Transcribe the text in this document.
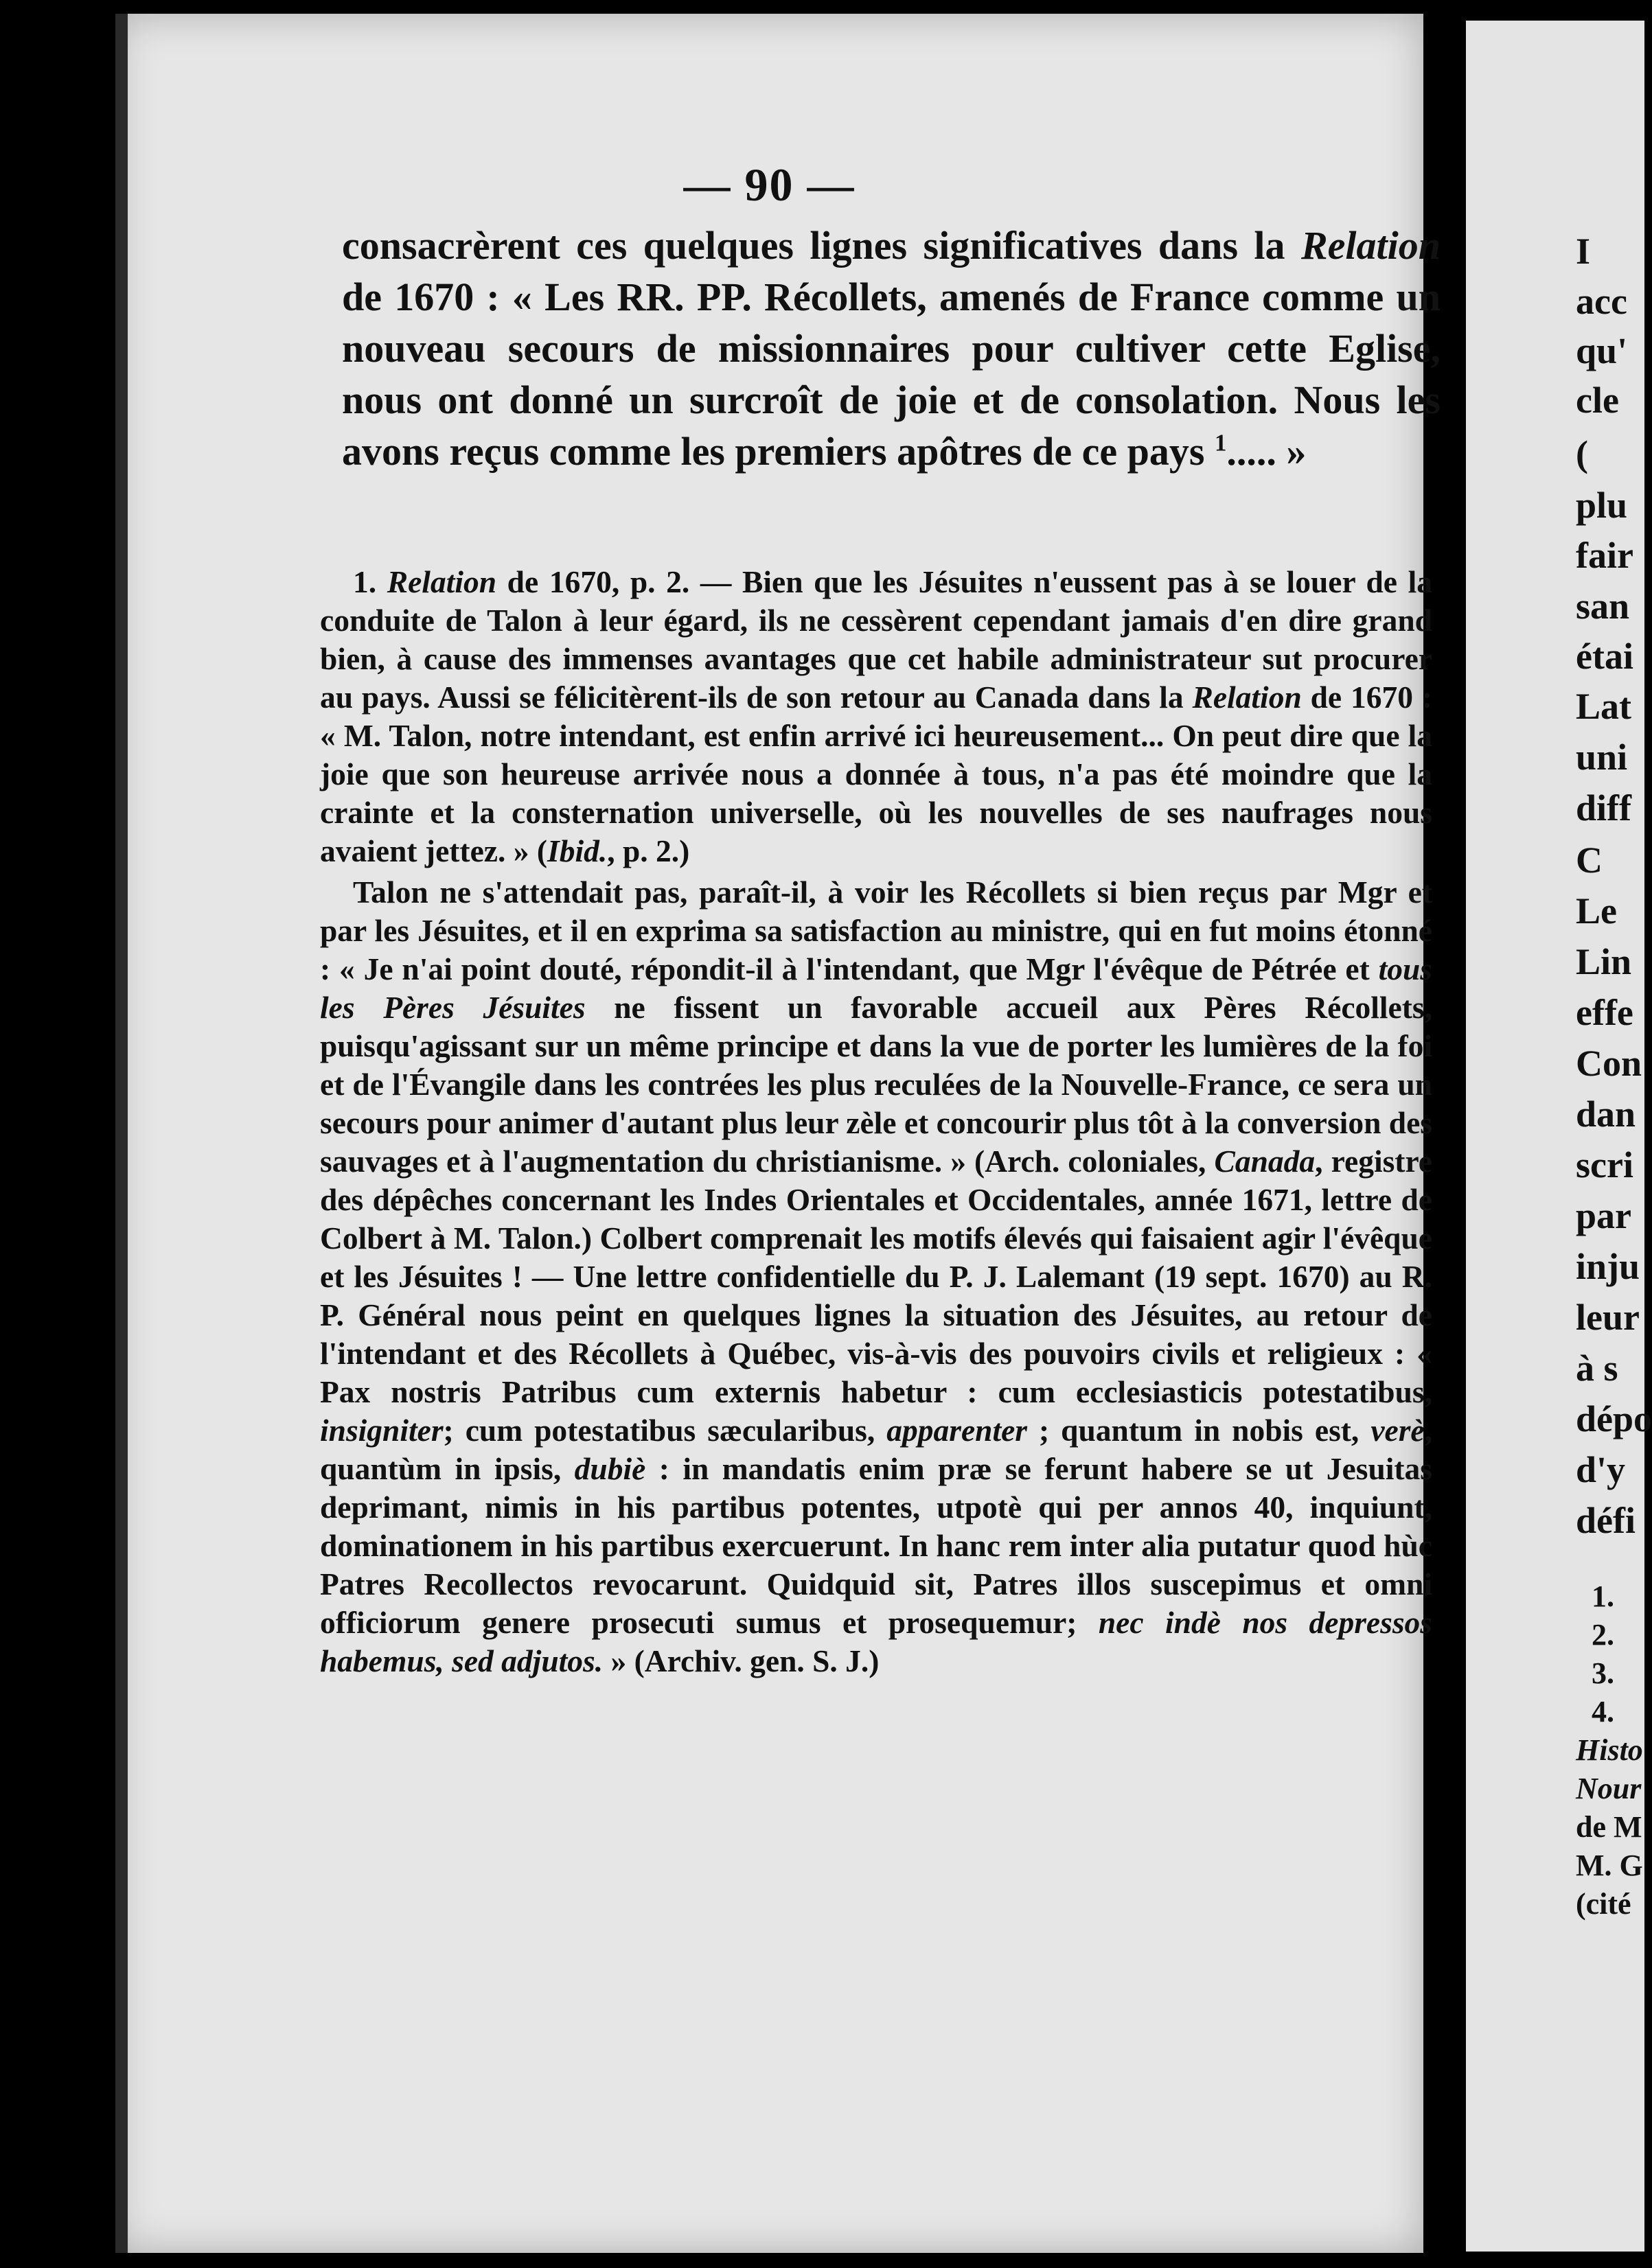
— 90 —

consacrèrent ces quelques lignes significatives dans la Relation de 1670 : « Les RR. PP. Récollets, amenés de France comme un nouveau secours de missionnaires pour cultiver cette Eglise, nous ont donné un surcroît de joie et de consolation. Nous les avons reçus comme les premiers apôtres de ce pays $^1$..... »

1. Relation de 1670, p. 2. — Bien que les Jésuites n'eussent pas à se louer de la conduite de Talon à leur égard, ils ne cessèrent cependant jamais d'en dire grand bien, à cause des immenses avantages que cet habile administrateur sut procurer au pays. Aussi se félicitèrent-ils de son retour au Canada dans la Relation de 1670 : « M. Talon, notre intendant, est enfin arrivé ici heureusement... On peut dire que la joie que son heureuse arrivée nous a donnée à tous, n'a pas été moindre que la crainte et la consternation universelle, où les nouvelles de ses naufrages nous avaient jettez. » (Ibid., p. 2.)

Talon ne s'attendait pas, paraît-il, à voir les Récollets si bien reçus par Mgr et par les Jésuites, et il en exprima sa satisfaction au ministre, qui en fut moins étonné : « Je n'ai point douté, répondit-il à l'intendant, que Mgr l'évêque de Pétrée et tous les Pères Jésuites ne fissent un favorable accueil aux Pères Récollets, puisqu'agissant sur un même principe et dans la vue de porter les lumières de la foi et de l'Évangile dans les contrées les plus reculées de la Nouvelle-France, ce sera un secours pour animer d'autant plus leur zèle et concourir plus tôt à la conversion des sauvages et à l'augmentation du christianisme. » (Arch. coloniales, Canada, registre des dépêches concernant les Indes Orientales et Occidentales, année 1671, lettre de Colbert à M. Talon.) Colbert comprenait les motifs élevés qui faisaient agir l'évêque et les Jésuites ! — Une lettre confidentielle du P. J. Lalemant (19 sept. 1670) au R. P. Général nous peint en quelques lignes la situation des Jésuites, au retour de l'intendant et des Récollets à Québec, vis-à-vis des pouvoirs civils et religieux : « Pax nostris Patribus cum externis habetur : cum ecclesiasticis potestatibus, insigniter; cum potestatibus sæcularibus, apparenter ; quantum in nobis est, verè, quantùm in ipsis, dubiè : in mandatis enim præ se ferunt habere se ut Jesuitas deprimant, nimis in his partibus potentes, utpotè qui per annos 40, inquiunt, dominationem in his partibus exercuerunt. In hanc rem inter alia putatur quod hùc Patres Recollectos revocarunt. Quidquid sit, Patres illos suscepimus et omni officiorum genere prosecuti sumus et prosequemur; nec indè nos depressos habemus, sed adjutos. » (Archiv. gen. S. J.)

I
acc
qu'
cle
(
plu
fair
san
étai
Lat
uni
diff
C
Le
Lin
effe
Con
dan
scri
par
inju
leur
à s
dépo
d'y
défi
1.
2.
3.
4.
Histo
Nour
de M
M. G
(cité
